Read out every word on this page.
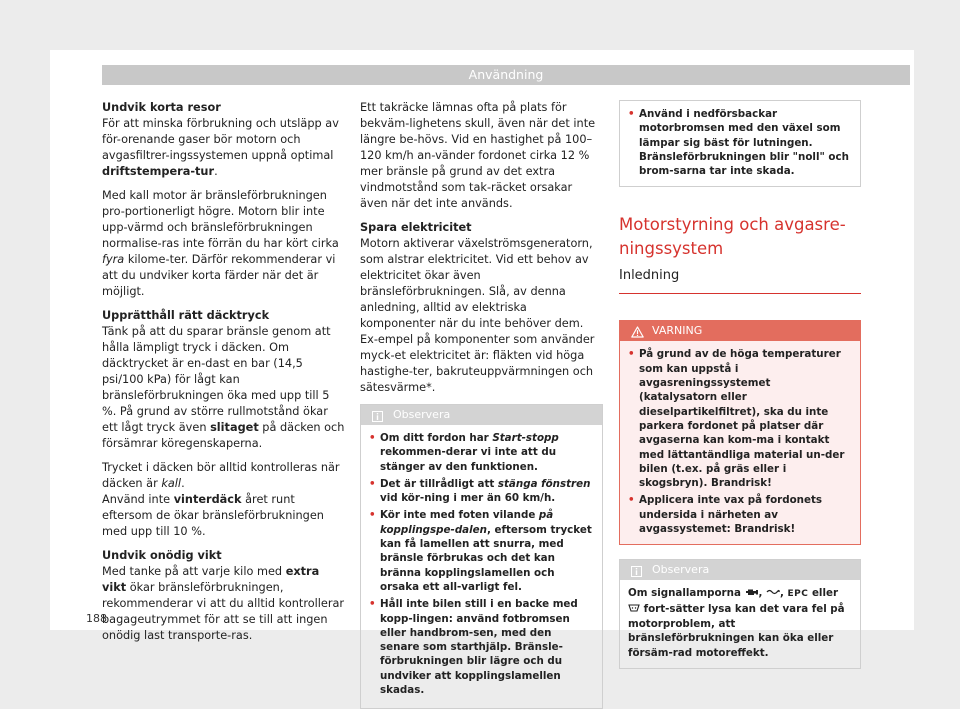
Användning

Undvik korta resor

För att minska förbrukning och utsläpp av för-orenande gaser bör motorn och avgasfiltrer-ingssystemen uppnå optimal driftstempera-tur.

Med kall motor är bränsleförbrukningen pro-portionerligt högre. Motorn blir inte upp-värmd och bränsleförbrukningen normalise-ras inte förrän du har kört cirka fyra kilome-ter. Därför rekommenderar vi att du undviker korta färder när det är möjligt.

Upprätthåll rätt däcktryck

Tänk på att du sparar bränsle genom att hålla lämpligt tryck i däcken. Om däcktrycket är en-dast en bar (14,5 psi/100 kPa) för lågt kan bränsleförbrukningen öka med upp till 5 %. På grund av större rullmotstånd ökar ett lågt tryck även slitaget på däcken och försämrar köregenskaperna.

Trycket i däcken bör alltid kontrolleras när däcken är kall.

Använd inte vinterdäck året runt eftersom de ökar bränsleförbrukningen med upp till 10 %.

Undvik onödig vikt

Med tanke på att varje kilo med extra vikt ökar bränsleförbrukningen, rekommenderar vi att du alltid kontrollerar bagageutrymmet för att se till att ingen onödig last transporte-ras.

Ett takräcke lämnas ofta på plats för bekväm-lighetens skull, även när det inte längre be-hövs. Vid en hastighet på 100–120 km/h an-vänder fordonet cirka 12 % mer bränsle på grund av det extra vindmotstånd som tak-räcket orsakar även när det inte används.

Spara elektricitet

Motorn aktiverar växelströmsgeneratorn, som alstrar elektricitet. Vid ett behov av elektricitet ökar även bränsleförbrukningen. Slå, av denna anledning, alltid av elektriska komponenter när du inte behöver dem. Ex-empel på komponenter som använder myck-et elektricitet är: fläkten vid höga hastighe-ter, bakruteuppvärmningen och sätesvärme*.

Observera
• Om ditt fordon har Start-stopp rekommen-derar vi inte att du stänger av den funktionen.
• Det är tillrådligt att stänga fönstren vid kör-ning i mer än 60 km/h.
• Kör inte med foten vilande på kopplingspe-dalen, eftersom trycket kan få lamellen att snurra, med bränsle förbrukas och det kan bränna kopplingslamellen och orsaka ett all-varligt fel.
• Håll inte bilen still i en backe med kopp-lingen: använd fotbromsen eller handbrom-sen, med den senare som starthjälp. Bränsle-förbrukningen blir lägre och du undviker att kopplingslamellen skadas.
• Använd i nedförsbackar motorbromsen med den växel som lämpar sig bäst för lutningen. Bränsleförbrukningen blir "noll" och brom-sarna tar inte skada.
Motorstyrning och avgasre-ningssystem

Inledning

VARNING
• På grund av de höga temperaturer som kan uppstå i avgasreningssystemet (katalysatorn eller dieselpartikelfiltret), ska du inte parkera fordonet på platser där avgaserna kan kom-ma i kontakt med lättantändliga material un-der bilen (t.ex. på gräs eller i skogsbryn). Brandrisk!
• Applicera inte vax på fordonets undersida i närheten av avgassystemet: Brandrisk!
Observera
Om signallamporna , , EPC eller  fort-sätter lysa kan det vara fel på motorproblem, att bränsleförbrukningen kan öka eller försäm-rad motoreffekt.
188
